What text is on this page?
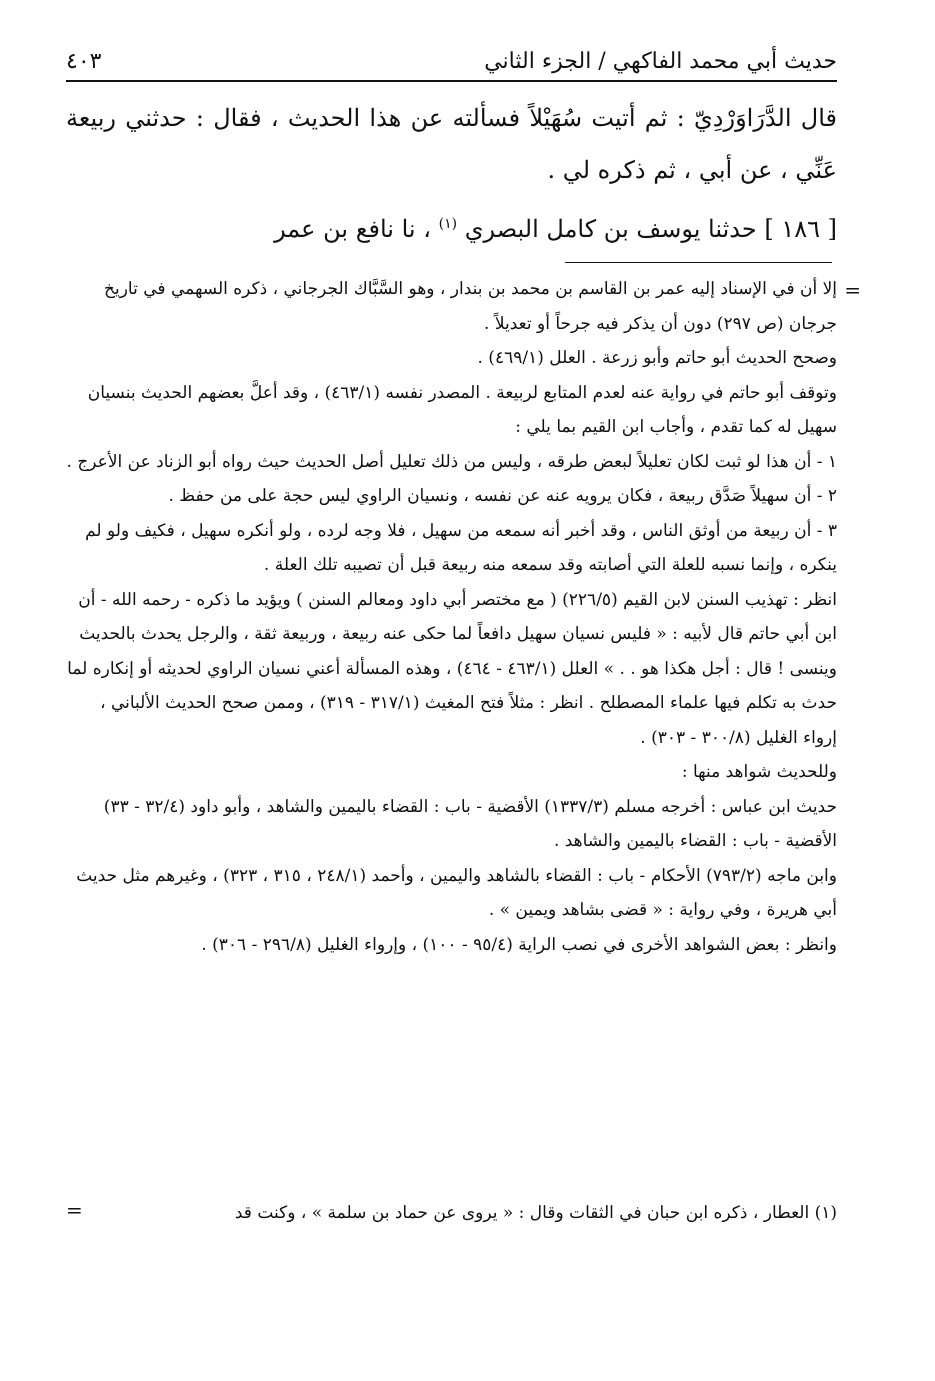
حديث أبي محمد الفاكهي / الجزء الثاني
٤٠٣

قال الدَّرَاوَرْدِيّ : ثم أتيت سُهَيْلاً فسألته عن هذا الحديث ، فقال : حدثني ربيعة عَنِّي ، عن أبي ، ثم ذكره لي .

[ ١٨٦ ] حدثنا يوسف بن كامل البصري $^{(١)}$ ، نا نافع بن عمر

=

إلا أن في الإسناد إليه عمر بن القاسم بن محمد بن بندار ، وهو السَّبَّاك الجرجاني ، ذكره السهمي في تاريخ جرجان (ص ٢٩٧) دون أن يذكر فيه جرحاً أو تعديلاً .

وصحح الحديث أبو حاتم وأبو زرعة . العلل (٤٦٩/١) .

وتوقف أبو حاتم في رواية عنه لعدم المتابع لربيعة . المصدر نفسه (٤٦٣/١) ، وقد أعلَّ بعضهم الحديث بنسيان سهيل له كما تقدم ، وأجاب ابن القيم بما يلي :

١ - أن هذا لو ثبت لكان تعليلاً لبعض طرقه ، وليس من ذلك تعليل أصل الحديث حيث رواه أبو الزناد عن الأعرج .

٢ - أن سهيلاً صَدَّق ربيعة ، فكان يرويه عنه عن نفسه ، ونسيان الراوي ليس حجة على من حفظ .

٣ - أن ربيعة من أوثق الناس ، وقد أخبر أنه سمعه من سهيل ، فلا وجه لرده ، ولو أنكره سهيل ، فكيف ولو لم ينكره ، وإنما نسبه للعلة التي أصابته وقد سمعه منه ربيعة قبل أن تصيبه تلك العلة .

انظر : تهذيب السنن لابن القيم (٢٢٦/٥) ( مع مختصر أبي داود ومعالم السنن ) ويؤيد ما ذكره - رحمه الله - أن ابن أبي حاتم قال لأبيه : « فليس نسيان سهيل دافعاً لما حكى عنه ربيعة ، وربيعة ثقة ، والرجل يحدث بالحديث وينسى ! قال : أجل هكذا هو . . » العلل (٤٦٣/١ - ٤٦٤) ، وهذه المسألة أعني نسيان الراوي لحديثه أو إنكاره لما حدث به تكلم فيها علماء المصطلح . انظر : مثلاً فتح المغيث (٣١٧/١ - ٣١٩) ، وممن صحح الحديث الألباني ، إرواء الغليل (٣٠٠/٨ - ٣٠٣) .

وللحديث شواهد منها :

حديث ابن عباس : أخرجه مسلم (١٣٣٧/٣) الأقضية - باب : القضاء باليمين والشاهد ، وأبو داود (٣٢/٤ - ٣٣) الأقضية - باب : القضاء باليمين والشاهد .

وابن ماجه (٧٩٣/٢) الأحكام - باب : القضاء بالشاهد واليمين ، وأحمد (٢٤٨/١ ، ٣١٥ ، ٣٢٣) ، وغيرهم مثل حديث أبي هريرة ، وفي رواية : « قضى بشاهد ويمين » .

وانظر : بعض الشواهد الأخرى في نصب الراية (٩٥/٤ - ١٠٠) ، وإرواء الغليل (٢٩٦/٨ - ٣٠٦) .

(١) العطار ، ذكره ابن حبان في الثقات وقال : « يروى عن حماد بن سلمة » ، وكنت قد
=
